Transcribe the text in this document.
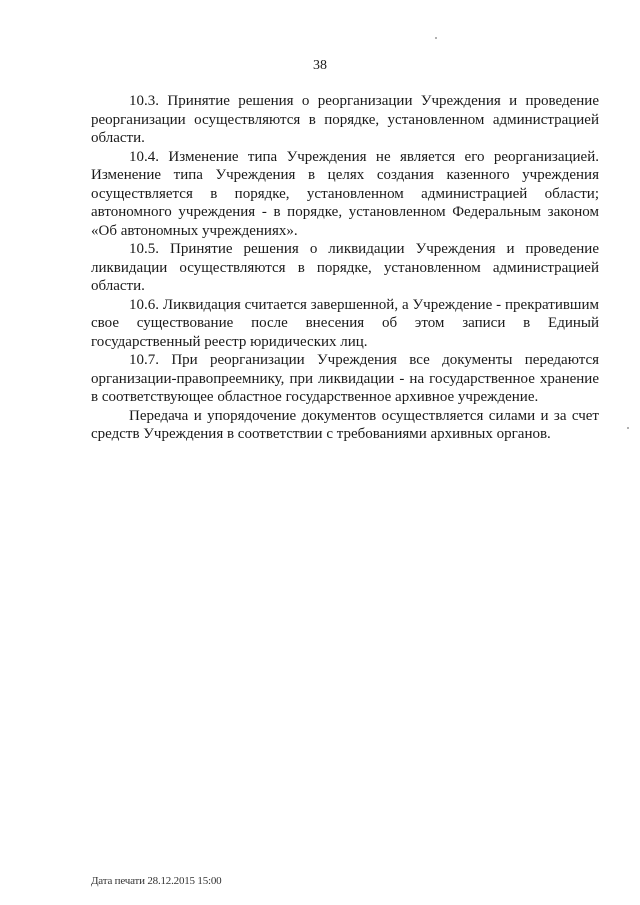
38

10.3. Принятие решения о реорганизации Учреждения и проведение реорганизации осуществляются в порядке, установленном администрацией области.

10.4. Изменение типа Учреждения не является его реорганизацией. Изменение типа Учреждения в целях создания казенного учреждения осуществляется в порядке, установленном администрацией области; автономного учреждения - в порядке, установленном Федеральным законом «Об автономных учреждениях».

10.5. Принятие решения о ликвидации Учреждения и проведение ликвидации осуществляются в порядке, установленном администрацией области.

10.6. Ликвидация считается завершенной, а Учреждение - прекратившим свое существование после внесения об этом записи в Единый государственный реестр юридических лиц.

10.7. При реорганизации Учреждения все документы передаются организации-правопреемнику, при ликвидации - на государственное хранение в соответствующее областное государственное архивное учреждение.

Передача и упорядочение документов осуществляется силами и за счет средств Учреждения в соответствии с требованиями архивных органов.

Дата печати 28.12.2015 15:00
